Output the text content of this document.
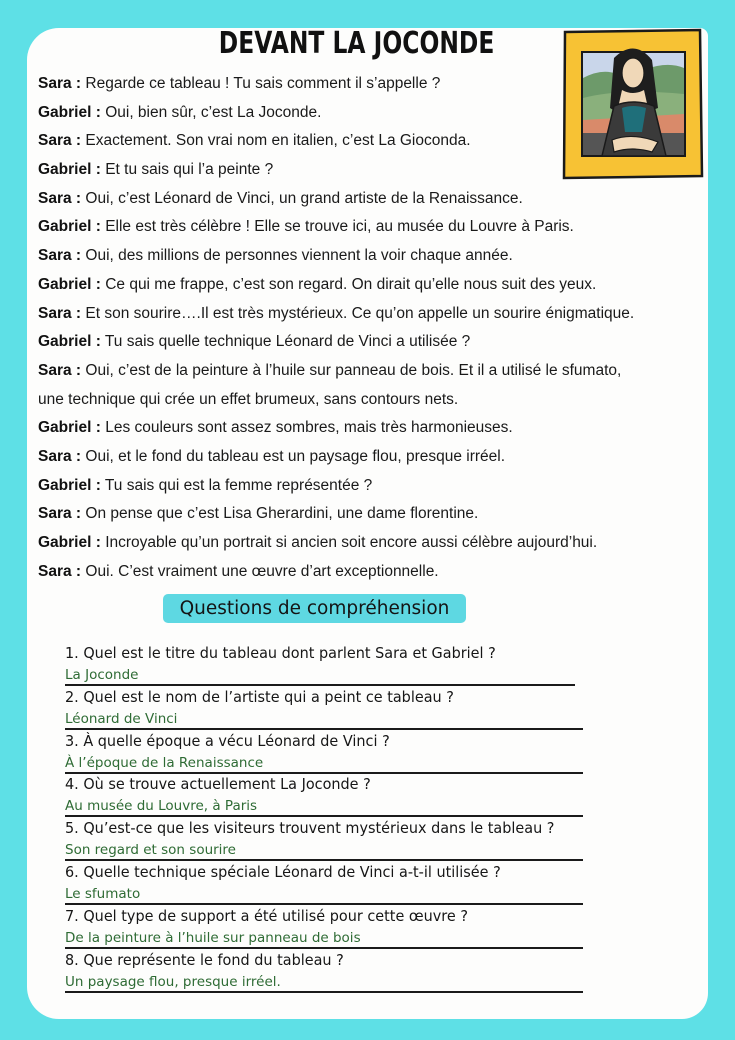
DEVANT LA JOCONDE
Sara : Regarde ce tableau ! Tu sais comment il s’appelle ?
Gabriel : Oui, bien sûr, c’est La Joconde.
Sara : Exactement. Son vrai nom en italien, c’est La Gioconda.
Gabriel : Et tu sais qui l’a peinte ?
Sara : Oui, c’est Léonard de Vinci, un grand artiste de la Renaissance.
Gabriel : Elle est très célèbre ! Elle se trouve ici, au musée du Louvre à Paris.
Sara : Oui, des millions de personnes viennent la voir chaque année.
Gabriel : Ce qui me frappe, c’est son regard. On dirait qu’elle nous suit des yeux.
Sara : Et son sourire….Il est très mystérieux. Ce qu’on appelle un sourire énigmatique.
Gabriel : Tu sais quelle technique Léonard de Vinci a utilisée ?
Sara : Oui, c’est de la peinture à l’huile sur panneau de bois. Et il a utilisé le sfumato,
une technique qui crée un effet brumeux, sans contours nets.
Gabriel : Les couleurs sont assez sombres, mais très harmonieuses.
Sara : Oui, et le fond du tableau est un paysage flou, presque irréel.
Gabriel : Tu sais qui est la femme représentée ?
Sara : On pense que c’est Lisa Gherardini, une dame florentine.
Gabriel : Incroyable qu’un portrait si ancien soit encore aussi célèbre aujourd’hui.
Sara : Oui. C’est vraiment une œuvre d’art exceptionnelle.
Questions de compréhension
1. Quel est le titre du tableau dont parlent Sara et Gabriel ?
La Joconde
2. Quel est le nom de l’artiste qui a peint ce tableau ?
Léonard de Vinci
3. À quelle époque a vécu Léonard de Vinci ?
À l’époque de la Renaissance
4. Où se trouve actuellement La Joconde ?
Au musée du Louvre, à Paris
5. Qu’est-ce que les visiteurs trouvent mystérieux dans le tableau ?
Son regard et son sourire
6. Quelle technique spéciale Léonard de Vinci a-t-il utilisée ?
Le sfumato
7. Quel type de support a été utilisé pour cette œuvre ?
De la peinture à l’huile sur panneau de bois
8. Que représente le fond du tableau ?
Un paysage flou, presque irréel.
